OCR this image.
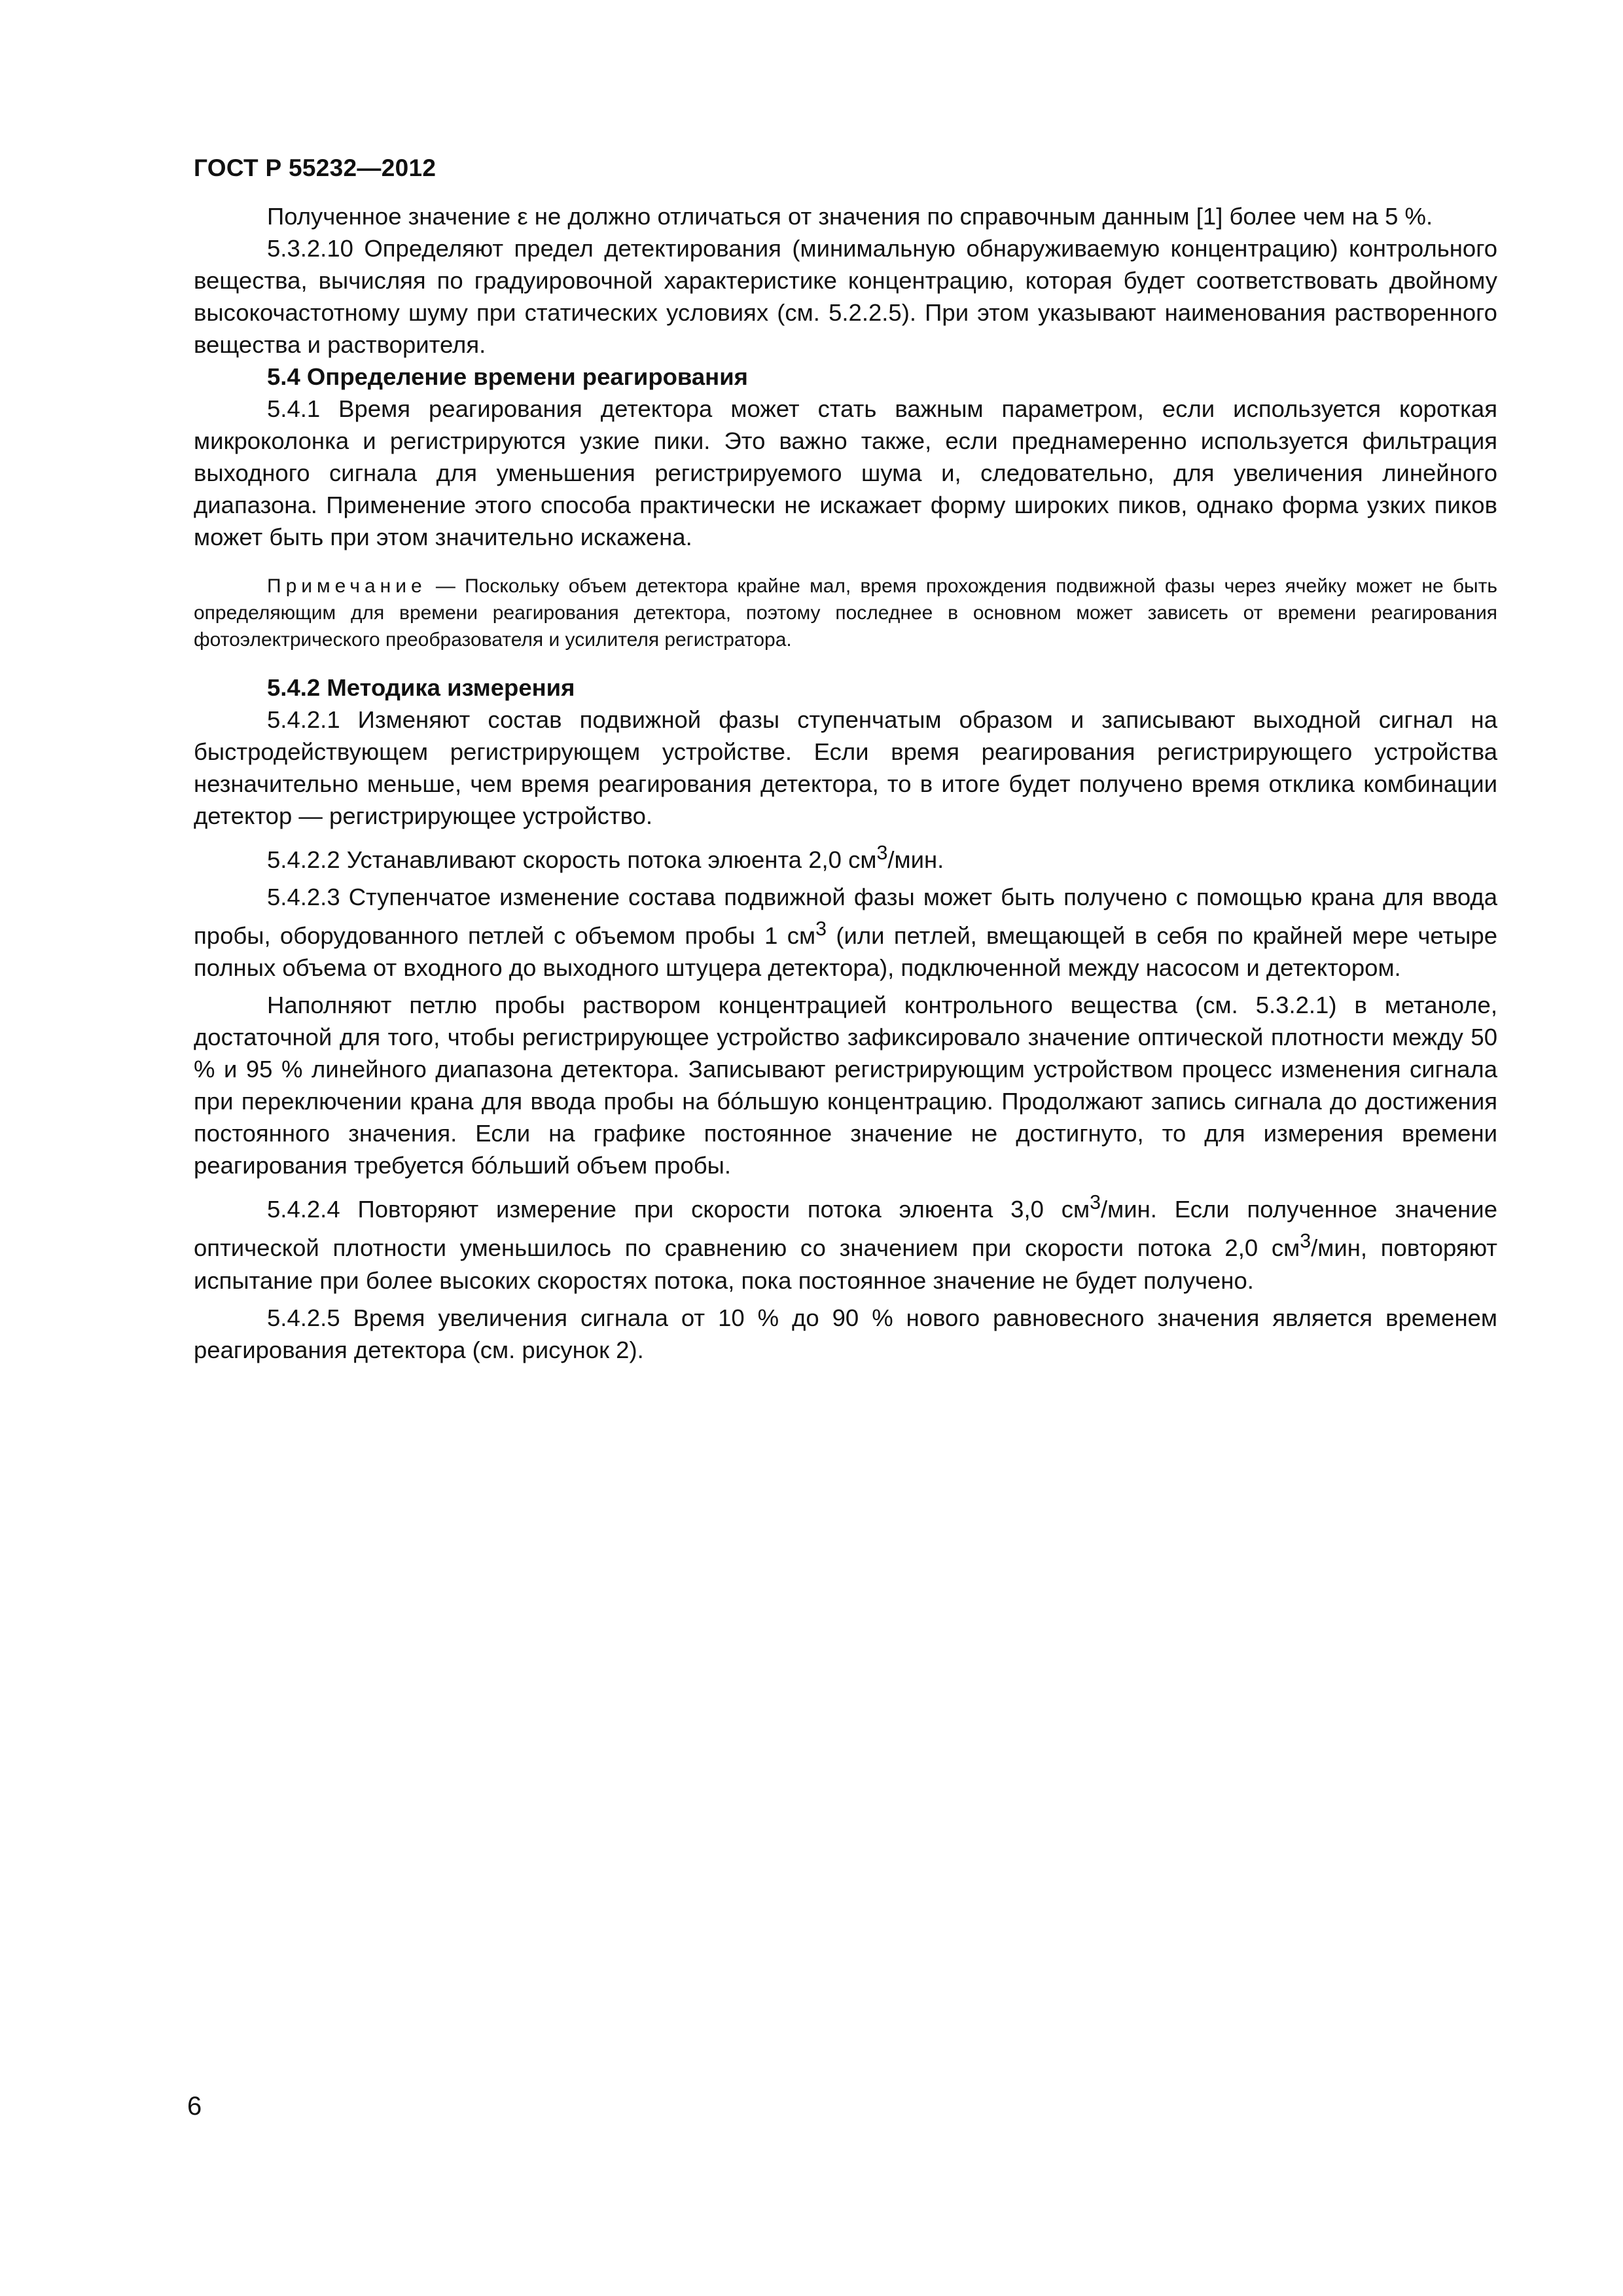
ГОСТ Р 55232—2012

Полученное значение ε не должно отличаться от значения по справочным данным [1] более чем на 5 %.

5.3.2.10 Определяют предел детектирования (минимальную обнаруживаемую концентрацию) контрольного вещества, вычисляя по градуировочной характеристике концентрацию, которая будет соответствовать двойному высокочастотному шуму при статических условиях (см. 5.2.2.5). При этом указывают наименования растворенного вещества и растворителя.

5.4 Определение времени реагирования

5.4.1 Время реагирования детектора может стать важным параметром, если используется короткая микроколонка и регистрируются узкие пики. Это важно также, если преднамеренно используется фильтрация выходного сигнала для уменьшения регистрируемого шума и, следовательно, для увеличения линейного диапазона. Применение этого способа практически не искажает форму широких пиков, однако форма узких пиков может быть при этом значительно искажена.

Примечание — Поскольку объем детектора крайне мал, время прохождения подвижной фазы через ячейку может не быть определяющим для времени реагирования детектора, поэтому последнее в основном может зависеть от времени реагирования фотоэлектрического преобразователя и усилителя регистратора.

5.4.2 Методика измерения

5.4.2.1 Изменяют состав подвижной фазы ступенчатым образом и записывают выходной сигнал на быстродействующем регистрирующем устройстве. Если время реагирования регистрирующего устройства незначительно меньше, чем время реагирования детектора, то в итоге будет получено время отклика комбинации детектор — регистрирующее устройство.

5.4.2.2 Устанавливают скорость потока элюента 2,0 $см^3$/мин.

5.4.2.3 Ступенчатое изменение состава подвижной фазы может быть получено с помощью крана для ввода пробы, оборудованного петлей с объемом пробы 1 $см^3$ (или петлей, вмещающей в себя по крайней мере четыре полных объема от входного до выходного штуцера детектора), подключенной между насосом и детектором.

Наполняют петлю пробы раствором концентрацией контрольного вещества (см. 5.3.2.1) в метаноле, достаточной для того, чтобы регистрирующее устройство зафиксировало значение оптической плотности между 50 % и 95 % линейного диапазона детектора. Записывают регистрирующим устройством процесс изменения сигнала при переключении крана для ввода пробы на бóльшую концентрацию. Продолжают запись сигнала до достижения постоянного значения. Если на графике постоянное значение не достигнуто, то для измерения времени реагирования требуется бóльший объем пробы.

5.4.2.4 Повторяют измерение при скорости потока элюента 3,0 $см^3$/мин. Если полученное значение оптической плотности уменьшилось по сравнению со значением при скорости потока 2,0 $см^3$/мин, повторяют испытание при более высоких скоростях потока, пока постоянное значение не будет получено.

5.4.2.5 Время увеличения сигнала от 10 % до 90 % нового равновесного значения является временем реагирования детектора (см. рисунок 2).

6
